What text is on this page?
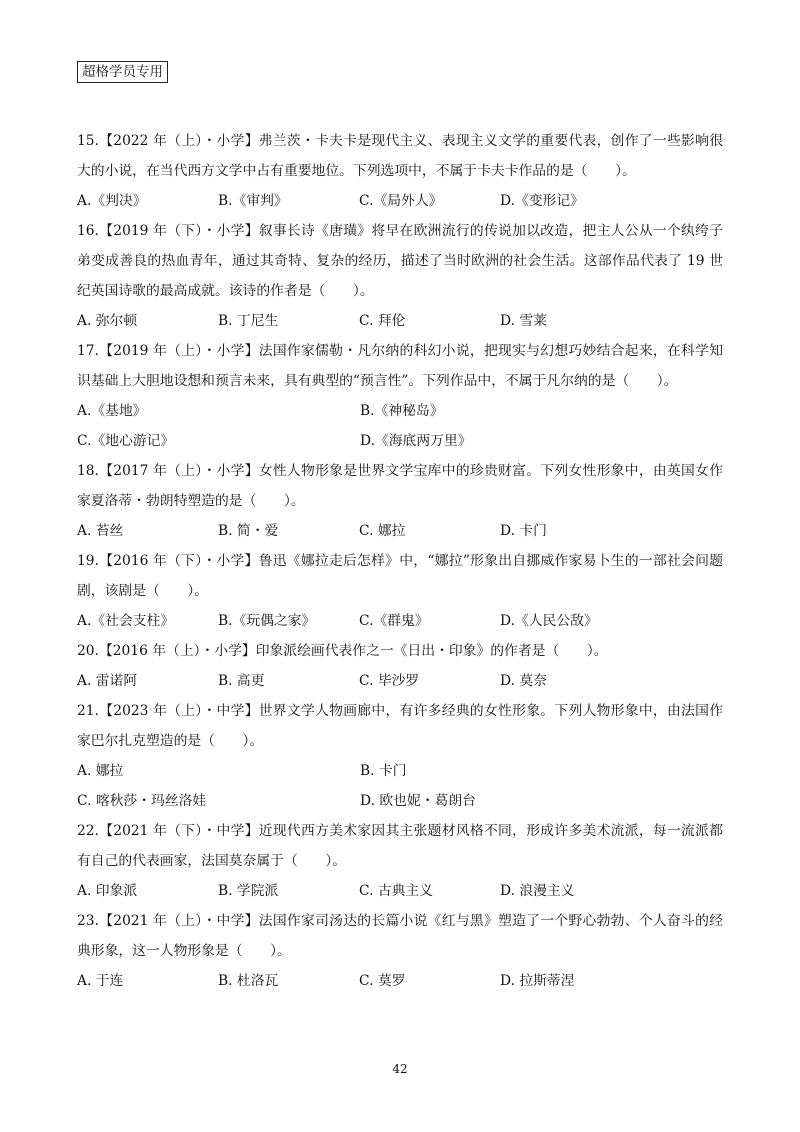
超格学员专用

15.【2022 年（上）・小学】弗兰茨・卡夫卡是现代主义、表现主义文学的重要代表，创作了一些影响很大的小说，在当代西方文学中占有重要地位。下列选项中，不属于卡夫卡作品的是（　　）。

A.《判决》	B.《审判》	C.《局外人》	D.《变形记》

16.【2019 年（下）・小学】叙事长诗《唐璜》将早在欧洲流行的传说加以改造，把主人公从一个纨绔子弟变成善良的热血青年，通过其奇特、复杂的经历，描述了当时欧洲的社会生活。这部作品代表了 19 世纪英国诗歌的最高成就。该诗的作者是（　　）。

A. 弥尔顿	B. 丁尼生	C. 拜伦	D. 雪莱

17.【2019 年（上）・小学】法国作家儒勒・凡尔纳的科幻小说，把现实与幻想巧妙结合起来，在科学知识基础上大胆地设想和预言未来，具有典型的“预言性”。下列作品中，不属于凡尔纳的是（　　）。

A.《基地》	B.《神秘岛》
C.《地心游记》	D.《海底两万里》

18.【2017 年（上）・小学】女性人物形象是世界文学宝库中的珍贵财富。下列女性形象中，由英国女作家夏洛蒂・勃朗特塑造的是（　　）。

A. 苔丝	B. 简・爱	C. 娜拉	D. 卡门

19.【2016 年（下）・小学】鲁迅《娜拉走后怎样》中，“娜拉”形象出自挪威作家易卜生的一部社会问题剧，该剧是（　　）。

A.《社会支柱》	B.《玩偶之家》	C.《群鬼》	D.《人民公敌》

20.【2016 年（上）・小学】印象派绘画代表作之一《日出・印象》的作者是（　　）。

A. 雷诺阿	B. 高更	C. 毕沙罗	D. 莫奈

21.【2023 年（上）・中学】世界文学人物画廊中，有许多经典的女性形象。下列人物形象中，由法国作家巴尔扎克塑造的是（　　）。

A. 娜拉	B. 卡门
C. 喀秋莎・玛丝洛娃	D. 欧也妮・葛朗台

22.【2021 年（下）・中学】近现代西方美术家因其主张题材风格不同，形成许多美术流派，每一流派都有自己的代表画家，法国莫奈属于（　　）。

A. 印象派	B. 学院派	C. 古典主义	D. 浪漫主义

23.【2021 年（上）・中学】法国作家司汤达的长篇小说《红与黑》塑造了一个野心勃勃、个人奋斗的经典形象，这一人物形象是（　　）。

A. 于连	B. 杜洛瓦	C. 莫罗	D. 拉斯蒂涅
42
